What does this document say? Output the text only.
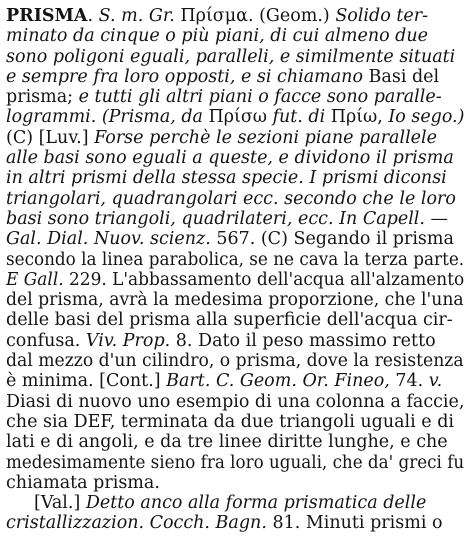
PRISMA. S. m. Gr. Πρίσμα. (Geom.) Solido ter-
minato da cinque o più piani, di cui almeno due
sono poligoni eguali, paralleli, e similmente situati
e sempre fra loro opposti, e si chiamano Basi del
prisma; e tutti gli altri piani o facce sono paralle-
logrammi. (Prisma, da Πρίσω fut. di Πρίω, Io sego.)
(C) [Luv.] Forse perchè le sezioni piane parallele
alle basi sono eguali a queste, e dividono il prisma
in altri prismi della stessa specie. I prismi diconsi
triangolari, quadrangolari ecc. secondo che le loro
basi sono triangoli, quadrilateri, ecc. In Capell. —
Gal. Dial. Nuov. scienz. 567. (C) Segando il prisma
secondo la linea parabolica, se ne cava la terza parte.
E Gall. 229. L'abbassamento dell'acqua all'alzamento
del prisma, avrà la medesima proporzione, che l'una
delle basi del prisma alla superficie dell'acqua cir-
confusa. Viv. Prop. 8. Dato il peso massimo retto
dal mezzo d'un cilindro, o prisma, dove la resistenza
è minima. [Cont.] Bart. C. Geom. Or. Fineo, 74. v.
Diasi di nuovo uno esempio di una colonna a faccie,
che sia DEF, terminata da due triangoli uguali e di
lati e di angoli, e da tre linee diritte lunghe, e che
medesimamente sieno fra loro uguali, che da' greci fu
chiamata prisma.
[Val.] Detto anco alla forma prismatica delle
cristallizzazion. Cocch. Bagn. 81. Minuti prismi o
